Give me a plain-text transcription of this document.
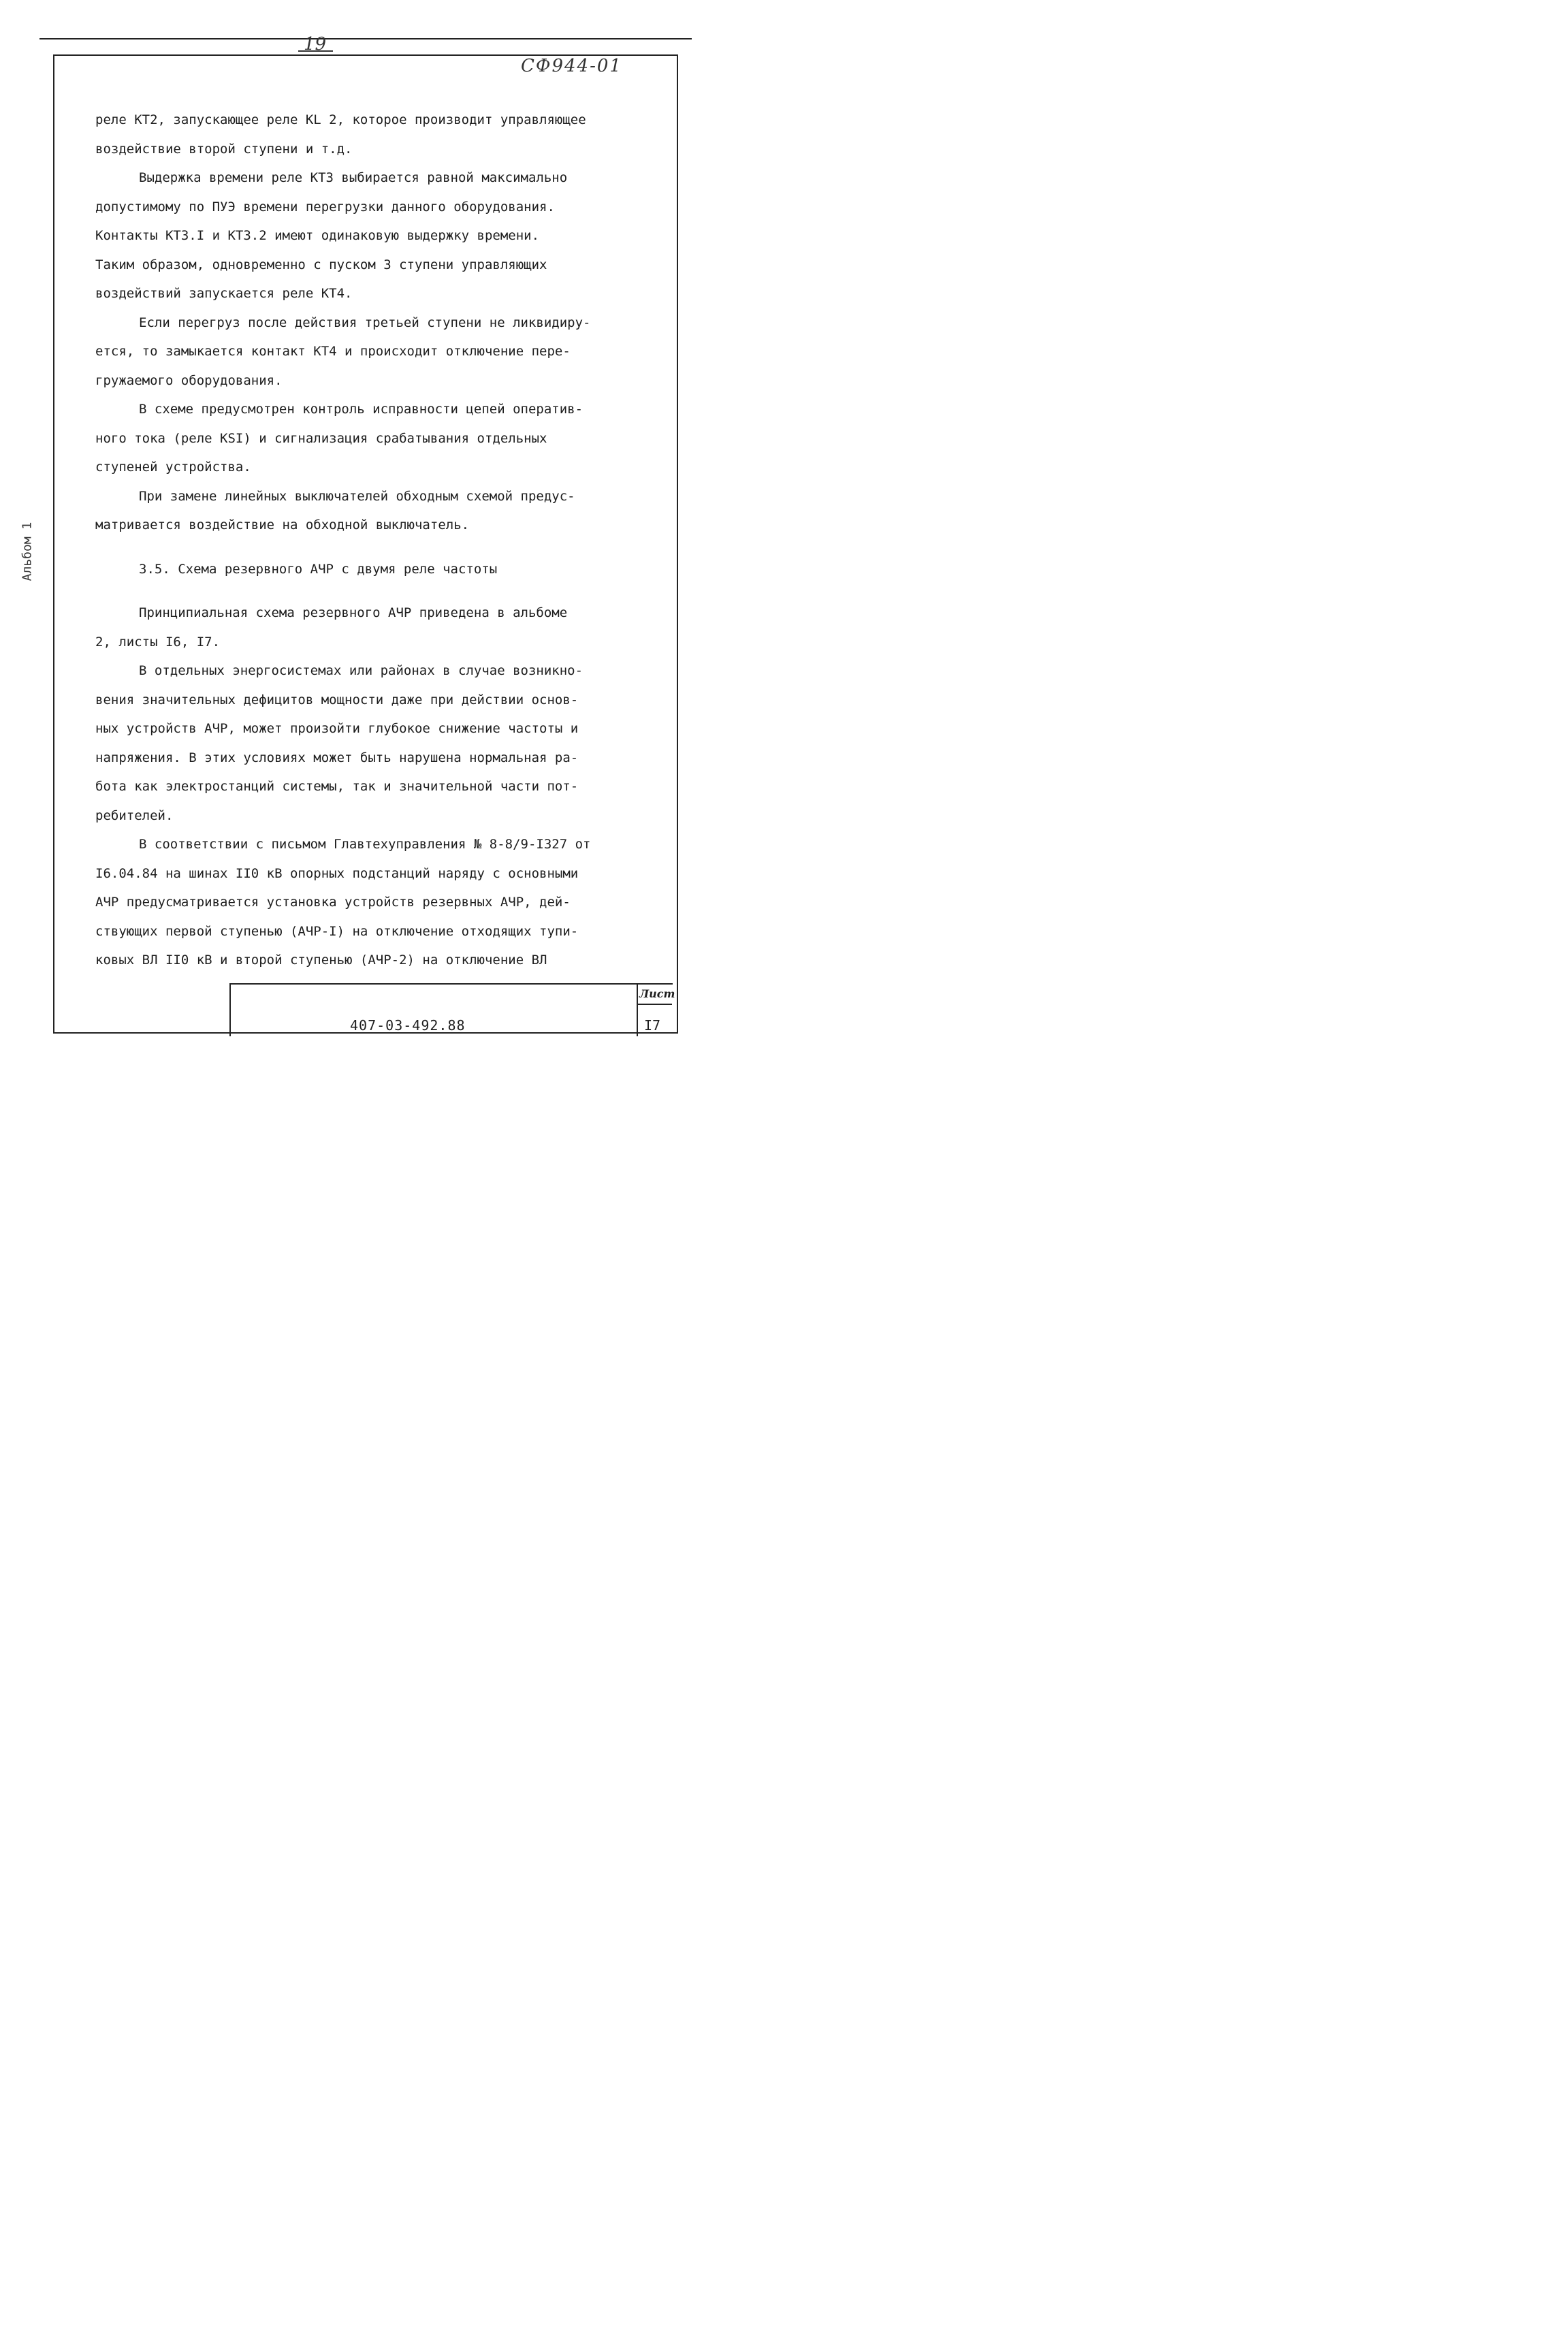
19
СФ944-01
Альбом 1
реле КТ2, запускающее реле KL 2, которое производит управляющее
воздействие второй ступени и т.д.
Выдержка времени реле КТ3 выбирается равной максимально
допустимому по ПУЭ времени перегрузки данного оборудования.
Контакты КТ3.I и КТ3.2 имеют одинаковую выдержку времени.
Таким образом, одновременно с пуском 3 ступени управляющих
воздействий запускается реле КТ4.
Если перегруз после действия третьей ступени не ликвидиру-
ется, то замыкается контакт КТ4 и происходит отключение пере-
гружаемого оборудования.
В схеме предусмотрен контроль исправности цепей оператив-
ного тока (реле KSI) и сигнализация срабатывания отдельных
ступеней устройства.
При замене линейных выключателей обходным схемой предус-
матривается воздействие на обходной выключатель.
3.5. Схема резервного АЧР с двумя реле частоты
Принципиальная схема резервного АЧР приведена в альбоме
2, листы I6, I7.
В отдельных энергосистемах или районах в случае возникно-
вения значительных дефицитов мощности даже при действии основ-
ных устройств АЧР, может произойти глубокое снижение частоты и
напряжения. В этих условиях может быть нарушена нормальная ра-
бота как электростанций системы, так и значительной части пот-
ребителей.
В соответствии с письмом Главтехуправления № 8-8/9-I327 от
I6.04.84 на шинах II0 кВ опорных подстанций наряду с основными
АЧР предусматривается установка устройств резервных АЧР, дей-
ствующих первой ступенью (АЧР-I) на отключение отходящих тупи-
ковых ВЛ II0 кВ и второй ступенью (АЧР-2) на отключение ВЛ
407-03-492.88
Лист
I7
